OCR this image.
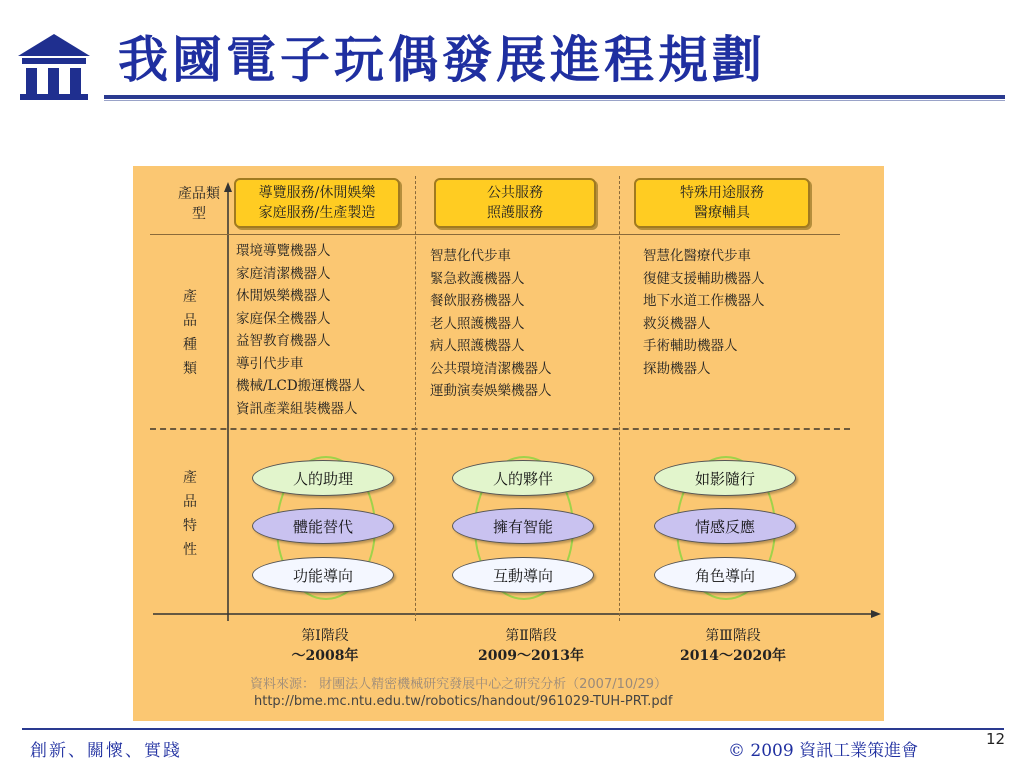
我國電子玩偶發展進程規劃
產品類型
產品種類
產品特性
導覽服務/休閒娛樂
家庭服務/生產製造
公共服務
照護服務
特殊用途服務
醫療輔具
環境導覽機器人
家庭清潔機器人
休閒娛樂機器人
家庭保全機器人
益智教育機器人
導引代步車
機械/LCD搬運機器人
資訊產業組裝機器人
智慧化代步車
緊急救護機器人
餐飲服務機器人
老人照護機器人
病人照護機器人
公共環境清潔機器人
運動演奏娛樂機器人
智慧化醫療代步車
復健支援輔助機器人
地下水道工作機器人
救災機器人
手術輔助機器人
探勘機器人
人的助理
體能替代
功能導向
人的夥伴
擁有智能
互動導向
如影隨行
情感反應
角色導向
第Ⅰ階段
～2008年
第Ⅱ階段
2009～2013年
第Ⅲ階段
2014～2020年
資料來源： 財團法人精密機械研究發展中心之研究分析（2007/10/29）
http://bme.mc.ntu.edu.tw/robotics/handout/961029-TUH-PRT.pdf
創新、關懷、實踐	© 2009 資訊工業策進會
12
